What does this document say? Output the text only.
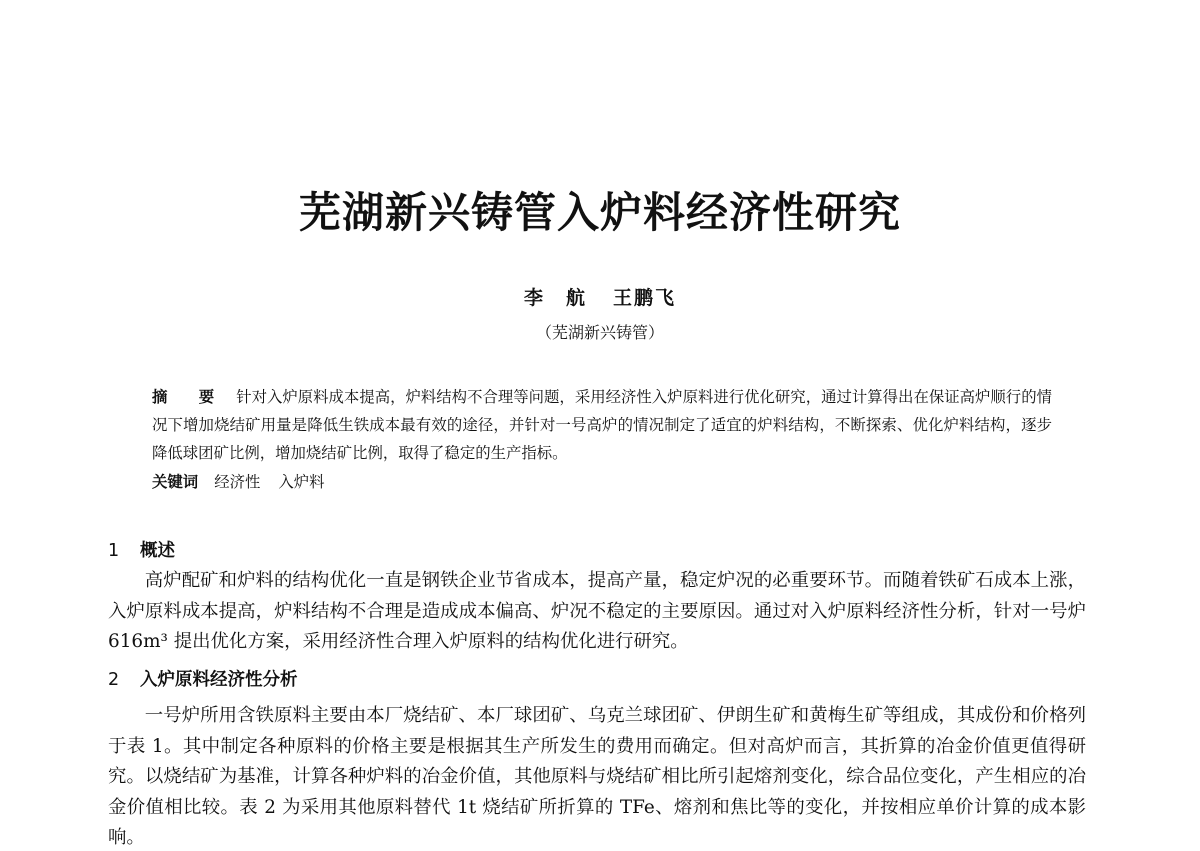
芜湖新兴铸管入炉料经济性研究
李　航 王鹏飞
（芜湖新兴铸管）
摘　要 针对入炉原料成本提高，炉料结构不合理等问题，采用经济性入炉原料进行优化研究，通过计算得出在保证高炉顺行的情况下增加烧结矿用量是降低生铁成本最有效的途径，并针对一号高炉的情况制定了适宜的炉料结构，不断探索、优化炉料结构，逐步降低球团矿比例，增加烧结矿比例，取得了稳定的生产指标。
关键词 经济性 入炉料
1 概述
高炉配矿和炉料的结构优化一直是钢铁企业节省成本，提高产量，稳定炉况的必重要环节。而随着铁矿石成本上涨，入炉原料成本提高，炉料结构不合理是造成成本偏高、炉况不稳定的主要原因。通过对入炉原料经济性分析，针对一号炉 616m³ 提出优化方案，采用经济性合理入炉原料的结构优化进行研究。
2 入炉原料经济性分析
一号炉所用含铁原料主要由本厂烧结矿、本厂球团矿、乌克兰球团矿、伊朗生矿和黄梅生矿等组成，其成份和价格列于表 1。其中制定各种原料的价格主要是根据其生产所发生的费用而确定。但对高炉而言，其折算的冶金价值更值得研究。以烧结矿为基准，计算各种炉料的冶金价值，其他原料与烧结矿相比所引起熔剂变化，综合品位变化，产生相应的冶金价值相比较。表 2 为采用其他原料替代 1t 烧结矿所折算的 TFe、熔剂和焦比等的变化，并按相应单价计算的成本影响。
